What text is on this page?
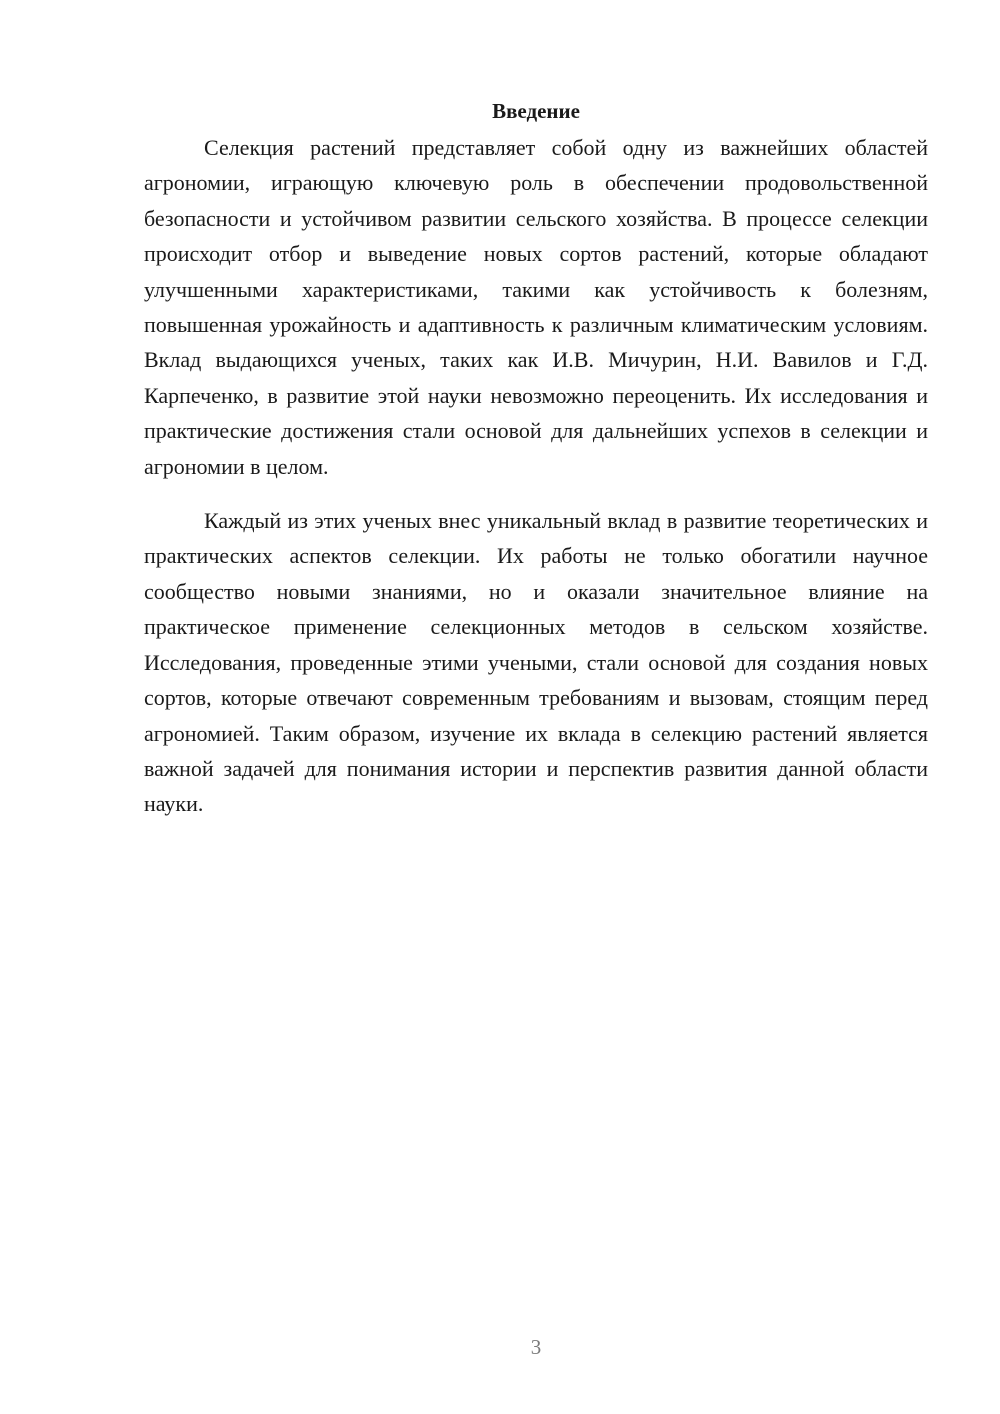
Введение

Селекция растений представляет собой одну из важнейших областей агрономии, играющую ключевую роль в обеспечении продовольственной безопасности и устойчивом развитии сельского хозяйства. В процессе селекции происходит отбор и выведение новых сортов растений, которые обладают улучшенными характеристиками, такими как устойчивость к болезням, повышенная урожайность и адаптивность к различным климатическим условиям. Вклад выдающихся ученых, таких как И.В. Мичурин, Н.И. Вавилов и Г.Д. Карпеченко, в развитие этой науки невозможно переоценить. Их исследования и практические достижения стали основой для дальнейших успехов в селекции и агрономии в целом.

Каждый из этих ученых внес уникальный вклад в развитие теоретических и практических аспектов селекции. Их работы не только обогатили научное сообщество новыми знаниями, но и оказали значительное влияние на практическое применение селекционных методов в сельском хозяйстве. Исследования, проведенные этими учеными, стали основой для создания новых сортов, которые отвечают современным требованиям и вызовам, стоящим перед агрономией. Таким образом, изучение их вклада в селекцию растений является важной задачей для понимания истории и перспектив развития данной области науки.

3
